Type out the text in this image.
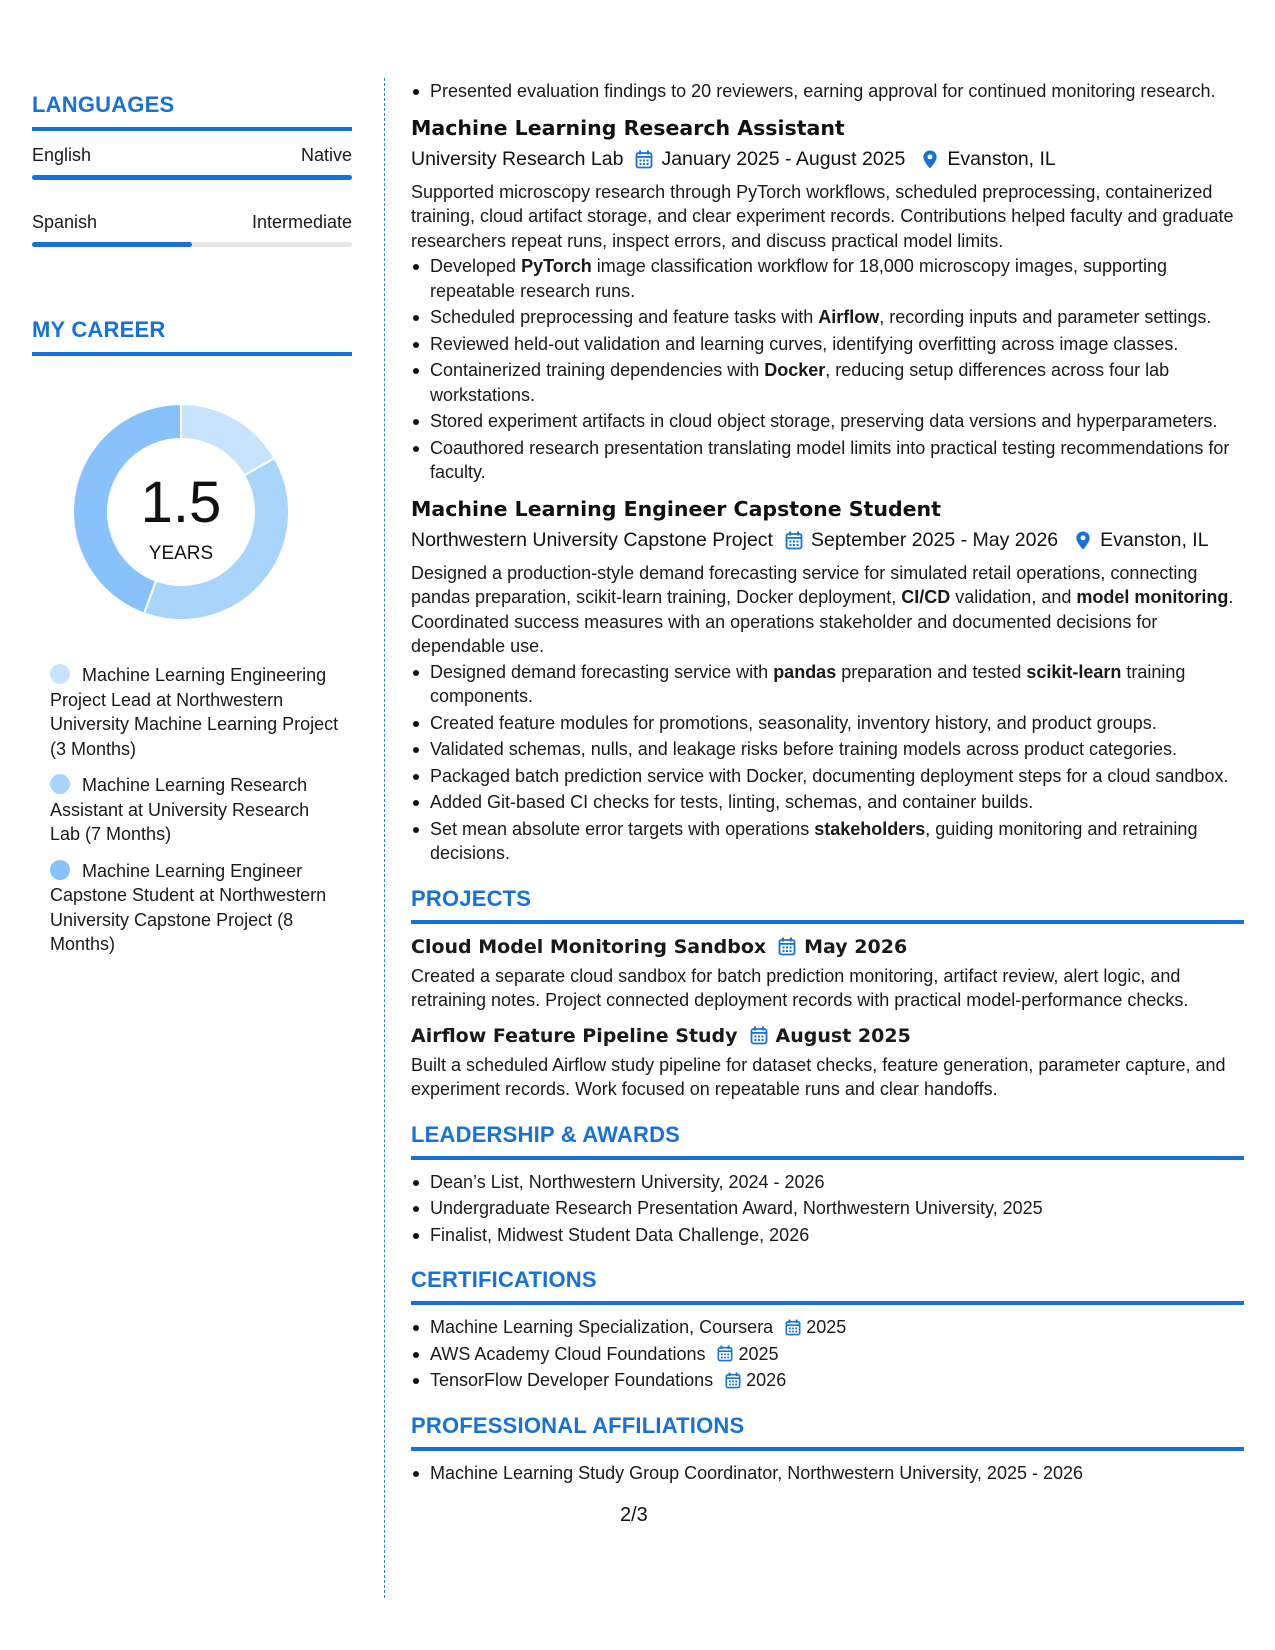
LANGUAGES
English	Native
Spanish	Intermediate
MY CAREER
1.5
YEARS
Machine Learning Engineering Project Lead at Northwestern University Machine Learning Project (3 Months)
Machine Learning Research Assistant at University Research Lab (7 Months)
Machine Learning Engineer Capstone Student at Northwestern University Capstone Project (8 Months)
Presented evaluation findings to 20 reviewers, earning approval for continued monitoring research.
Machine Learning Research Assistant
University Research Lab January 2025 - August 2025 Evanston, IL
Supported microscopy research through PyTorch workflows, scheduled preprocessing, containerized training, cloud artifact storage, and clear experiment records. Contributions helped faculty and graduate researchers repeat runs, inspect errors, and discuss practical model limits.
Developed PyTorch image classification workflow for 18,000 microscopy images, supporting repeatable research runs.
Scheduled preprocessing and feature tasks with Airflow, recording inputs and parameter settings.
Reviewed held-out validation and learning curves, identifying overfitting across image classes.
Containerized training dependencies with Docker, reducing setup differences across four lab workstations.
Stored experiment artifacts in cloud object storage, preserving data versions and hyperparameters.
Coauthored research presentation translating model limits into practical testing recommendations for faculty.
Machine Learning Engineer Capstone Student
Northwestern University Capstone Project September 2025 - May 2026 Evanston, IL
Designed a production-style demand forecasting service for simulated retail operations, connecting pandas preparation, scikit-learn training, Docker deployment, CI/CD validation, and model monitoring. Coordinated success measures with an operations stakeholder and documented decisions for dependable use.
Designed demand forecasting service with pandas preparation and tested scikit-learn training components.
Created feature modules for promotions, seasonality, inventory history, and product groups.
Validated schemas, nulls, and leakage risks before training models across product categories.
Packaged batch prediction service with Docker, documenting deployment steps for a cloud sandbox.
Added Git-based CI checks for tests, linting, schemas, and container builds.
Set mean absolute error targets with operations stakeholders, guiding monitoring and retraining decisions.
PROJECTS
Cloud Model Monitoring Sandbox May 2026
Created a separate cloud sandbox for batch prediction monitoring, artifact review, alert logic, and retraining notes. Project connected deployment records with practical model-performance checks.
Airflow Feature Pipeline Study August 2025
Built a scheduled Airflow study pipeline for dataset checks, feature generation, parameter capture, and experiment records. Work focused on repeatable runs and clear handoffs.
LEADERSHIP & AWARDS
Dean’s List, Northwestern University, 2024 - 2026
Undergraduate Research Presentation Award, Northwestern University, 2025
Finalist, Midwest Student Data Challenge, 2026
CERTIFICATIONS
Machine Learning Specialization, Coursera 2025
AWS Academy Cloud Foundations 2025
TensorFlow Developer Foundations 2026
PROFESSIONAL AFFILIATIONS
Machine Learning Study Group Coordinator, Northwestern University, 2025 - 2026
2/3
